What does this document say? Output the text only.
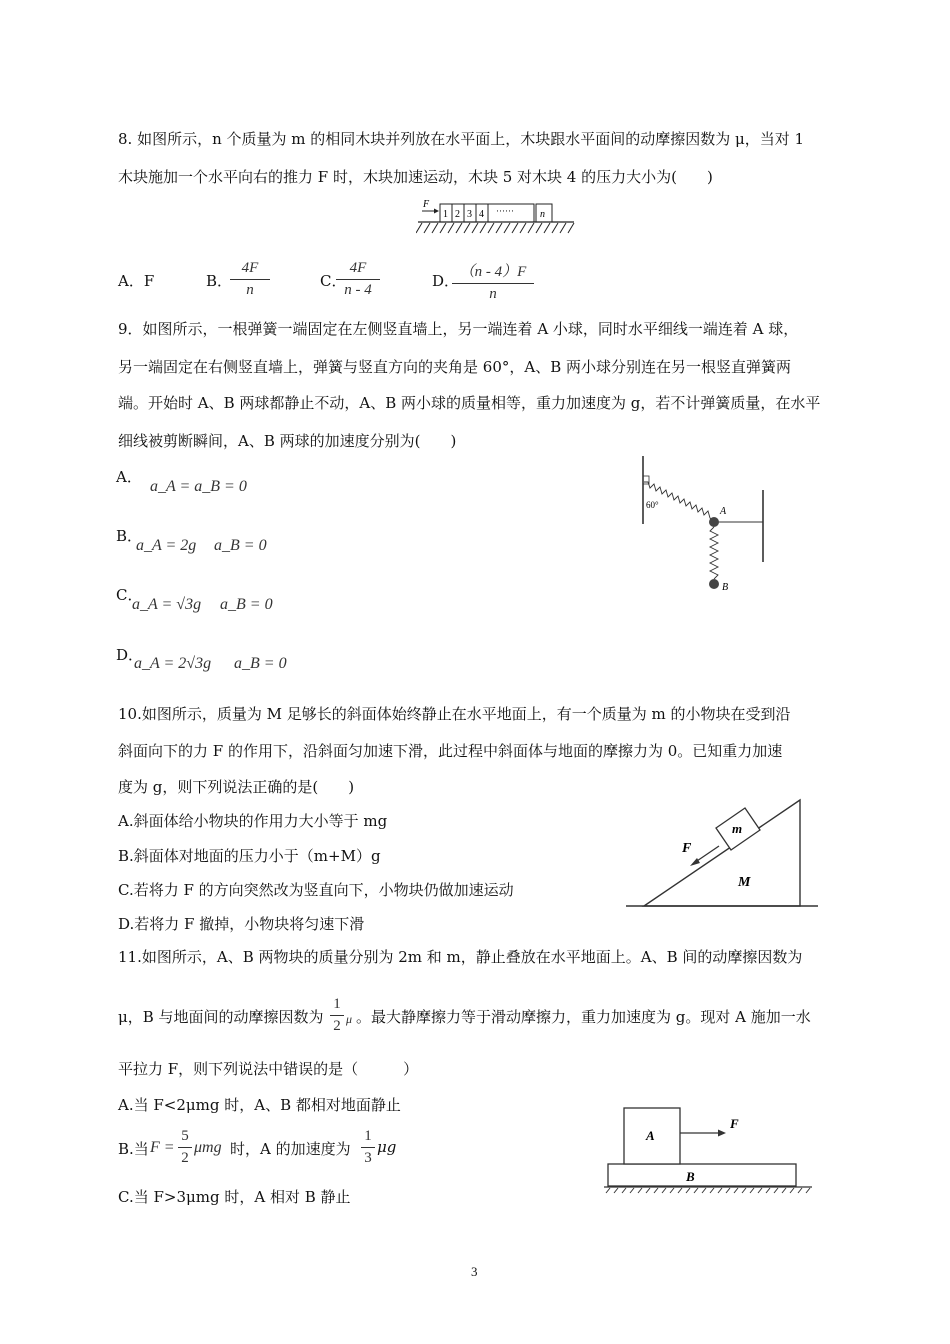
8. 如图所示，n 个质量为 m 的相同木块并列放在水平面上，木块跟水平面间的动摩擦因数为 μ，当对 1
木块施加一个水平向右的推力 F 时，木块加速运动，木块 5 对木块 4 的压力大小为(　　)
F
1 2 3 4 ······	n
A．F	B．
4F
n	C．
4F
n - 4	D． （n - 4）F
n
9．如图所示，一根弹簧一端固定在左侧竖直墙上，另一端连着 A 小球，同时水平细线一端连着 A 球，
另一端固定在右侧竖直墙上，弹簧与竖直方向的夹角是 60°，A、B 两小球分别连在另一根竖直弹簧两
端。开始时 A、B 两球都静止不动，A、B 两小球的质量相等，重力加速度为 g，若不计弹簧质量，在水平
细线被剪断瞬间，A、B 两球的加速度分别为(　　)
A．
a_A = a_B = 0
B．
a_A = 2g a_B = 0
C．
a_A = √3g a_B = 0
D．
a_A = 2√3g a_B = 0
60°
A
B
10.如图所示，质量为 M 足够长的斜面体始终静止在水平地面上，有一个质量为 m 的小物块在受到沿
斜面向下的力 F 的作用下，沿斜面匀加速下滑，此过程中斜面体与地面的摩擦力为 0。已知重力加速
度为 g，则下列说法正确的是(　　)
A.斜面体给小物块的作用力大小等于 mg
B.斜面体对地面的压力小于（m+M）g
C.若将力 F 的方向突然改为竖直向下，小物块仍做加速运动
D.若将力 F 撤掉，小物块将匀速下滑
m
M
F
11.如图所示，A、B 两物块的质量分别为 2m 和 m，静止叠放在水平地面上。A、B 间的动摩擦因数为
μ，B 与地面间的动摩擦因数为
1
2 μ 。最大静摩擦力等于滑动摩擦力，重力加速度为 g。现对 A 施加一水
平拉力 F，则下列说法中错误的是（　　　）
A.当 F<2μmg 时，A、B 都相对地面静止
B.当 F =
5
2
μmg 时，A 的加速度为
1
3
μg
C.当 F>3μmg 时，A 相对 B 静止
A
B
F
3
